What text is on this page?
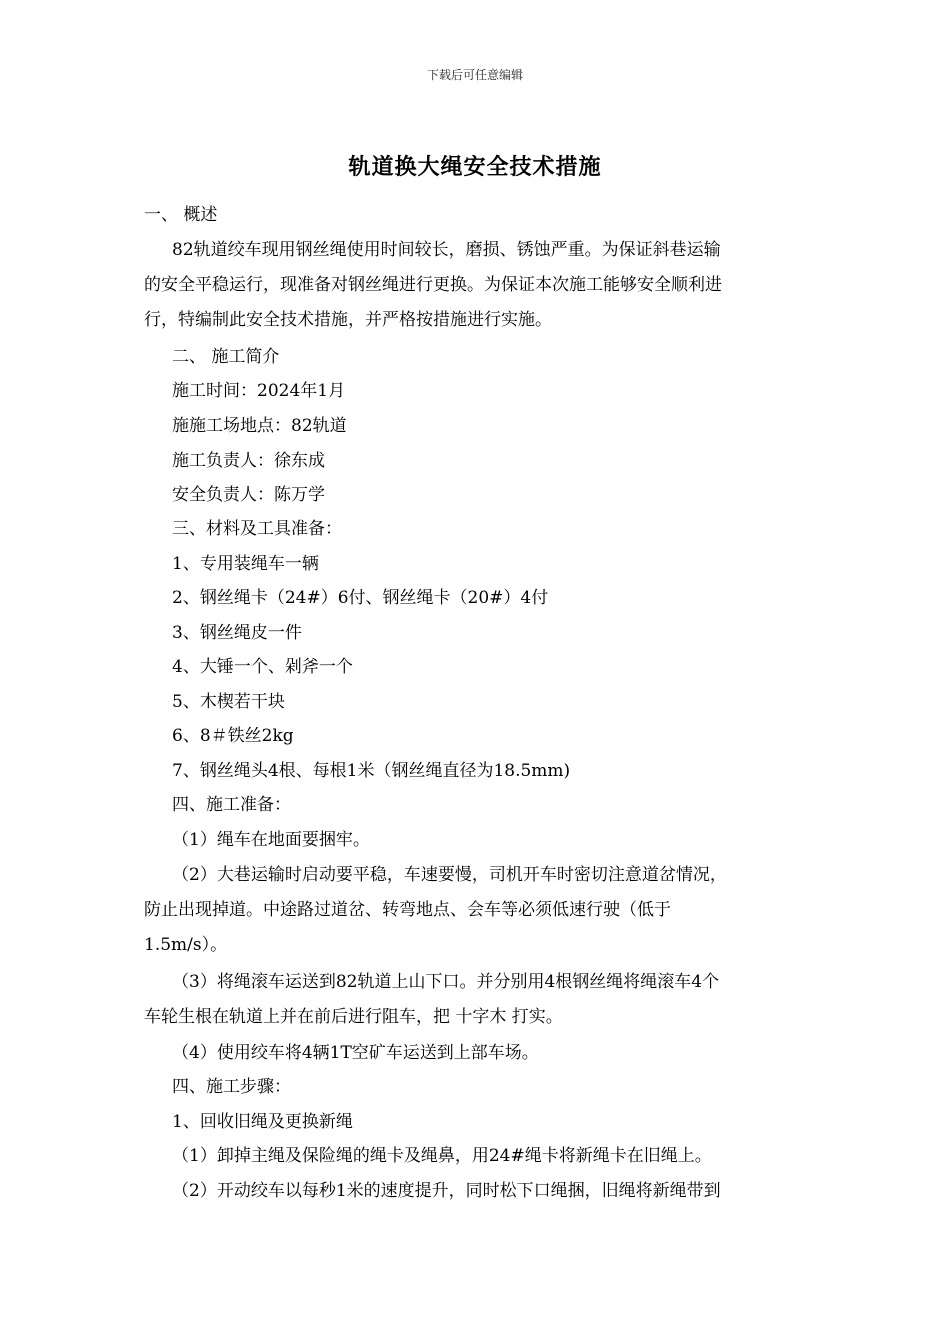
下载后可任意编辑
轨道换大绳安全技术措施
一、 概述
82轨道绞车现用钢丝绳使用时间较长，磨损、锈蚀严重。为保证斜巷运输
的安全平稳运行，现准备对钢丝绳进行更换。为保证本次施工能够安全顺利进
行，特编制此安全技术措施，并严格按措施进行实施。
二、 施工简介
施工时间：2024年1月
施施工场地点：82轨道
施工负责人：徐东成
安全负责人：陈万学
三、材料及工具准备：
1、专用装绳车一辆
2、钢丝绳卡（24#）6付、钢丝绳卡（20#）4付
3、钢丝绳皮一件
4、大锤一个、剁斧一个
5、木楔若干块
6、8＃铁丝2kg
7、钢丝绳头4根、每根1米（钢丝绳直径为18.5mm)
四、施工准备：
（1）绳车在地面要捆牢。
（2）大巷运输时启动要平稳，车速要慢，司机开车时密切注意道岔情况，
防止出现掉道。中途路过道岔、转弯地点、会车等必须低速行驶（低于
1.5m/s）。
（3）将绳滚车运送到82轨道上山下口。并分别用4根钢丝绳将绳滚车4个
车轮生根在轨道上并在前后进行阻车，把 十字木 打实。
（4）使用绞车将4辆1T空矿车运送到上部车场。
四、施工步骤：
1、回收旧绳及更换新绳
（1）卸掉主绳及保险绳的绳卡及绳鼻，用24#绳卡将新绳卡在旧绳上。
（2）开动绞车以每秒1米的速度提升，同时松下口绳捆，旧绳将新绳带到
